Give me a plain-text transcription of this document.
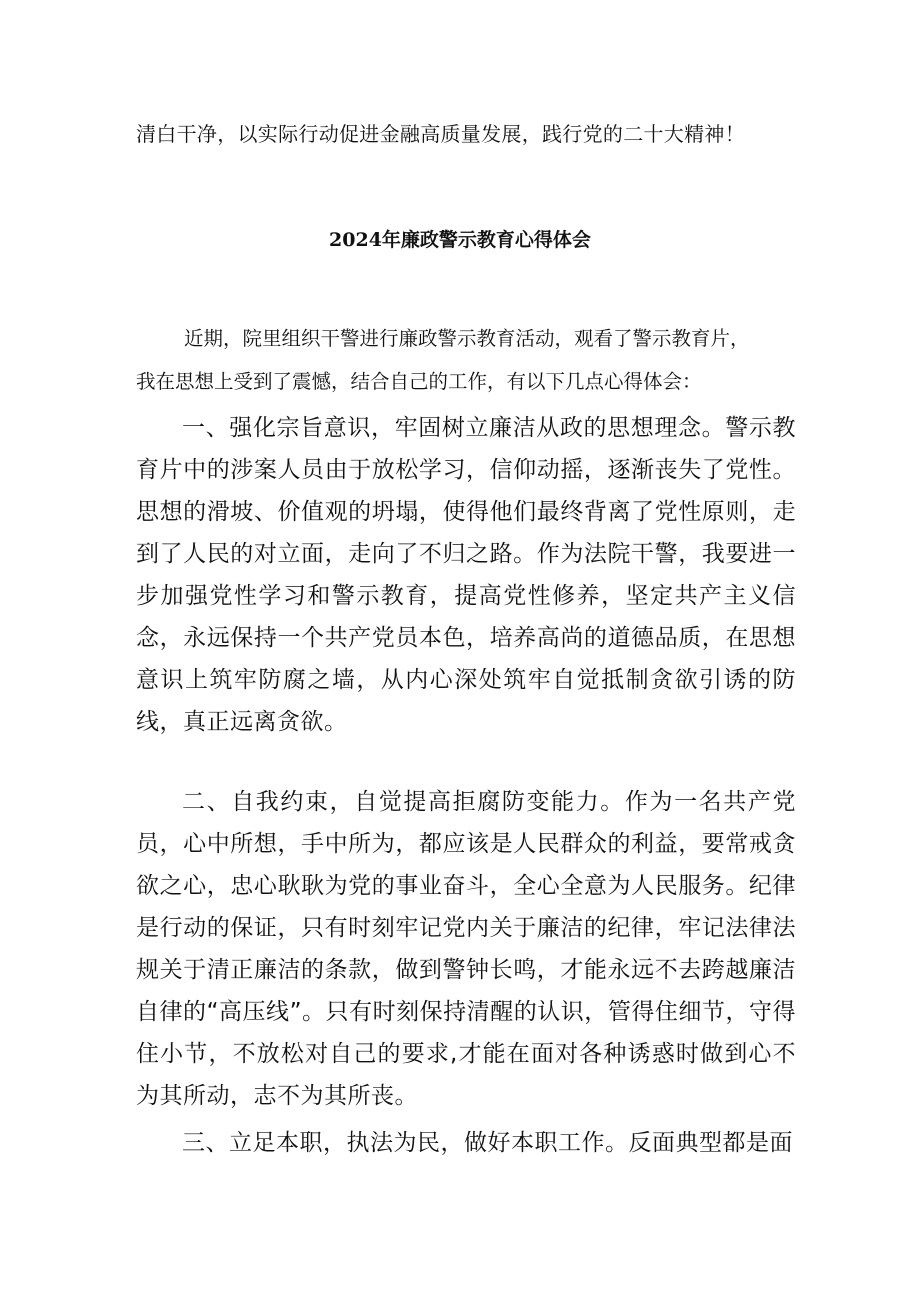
清白干净，以实际行动促进金融高质量发展，践行党的二十大精神！

2024年廉政警示教育心得体会

近期，院里组织干警进行廉政警示教育活动，观看了警示教育片，

我在思想上受到了震憾，结合自己的工作，有以下几点心得体会：

一、强化宗旨意识，牢固树立廉洁从政的思想理念。警示教育片中的涉案人员由于放松学习，信仰动摇，逐渐丧失了党性。思想的滑坡、价值观的坍塌，使得他们最终背离了党性原则，走到了人民的对立面，走向了不归之路。作为法院干警，我要进一步加强党性学习和警示教育，提高党性修养，坚定共产主义信念，永远保持一个共产党员本色，培养高尚的道德品质，在思想意识上筑牢防腐之墙，从内心深处筑牢自觉抵制贪欲引诱的防线，真正远离贪欲。

二、自我约束，自觉提高拒腐防变能力。作为一名共产党员，心中所想，手中所为，都应该是人民群众的利益，要常戒贪欲之心，忠心耿耿为党的事业奋斗，全心全意为人民服务。纪律是行动的保证，只有时刻牢记党内关于廉洁的纪律，牢记法律法规关于清正廉洁的条款，做到警钟长鸣，才能永远不去跨越廉洁自律的“高压线”。只有时刻保持清醒的认识，管得住细节，守得住小节，不放松对自己的要求,才能在面对各种诱惑时做到心不为其所动，志不为其所丧。

三、立足本职，执法为民，做好本职工作。反面典型都是面
